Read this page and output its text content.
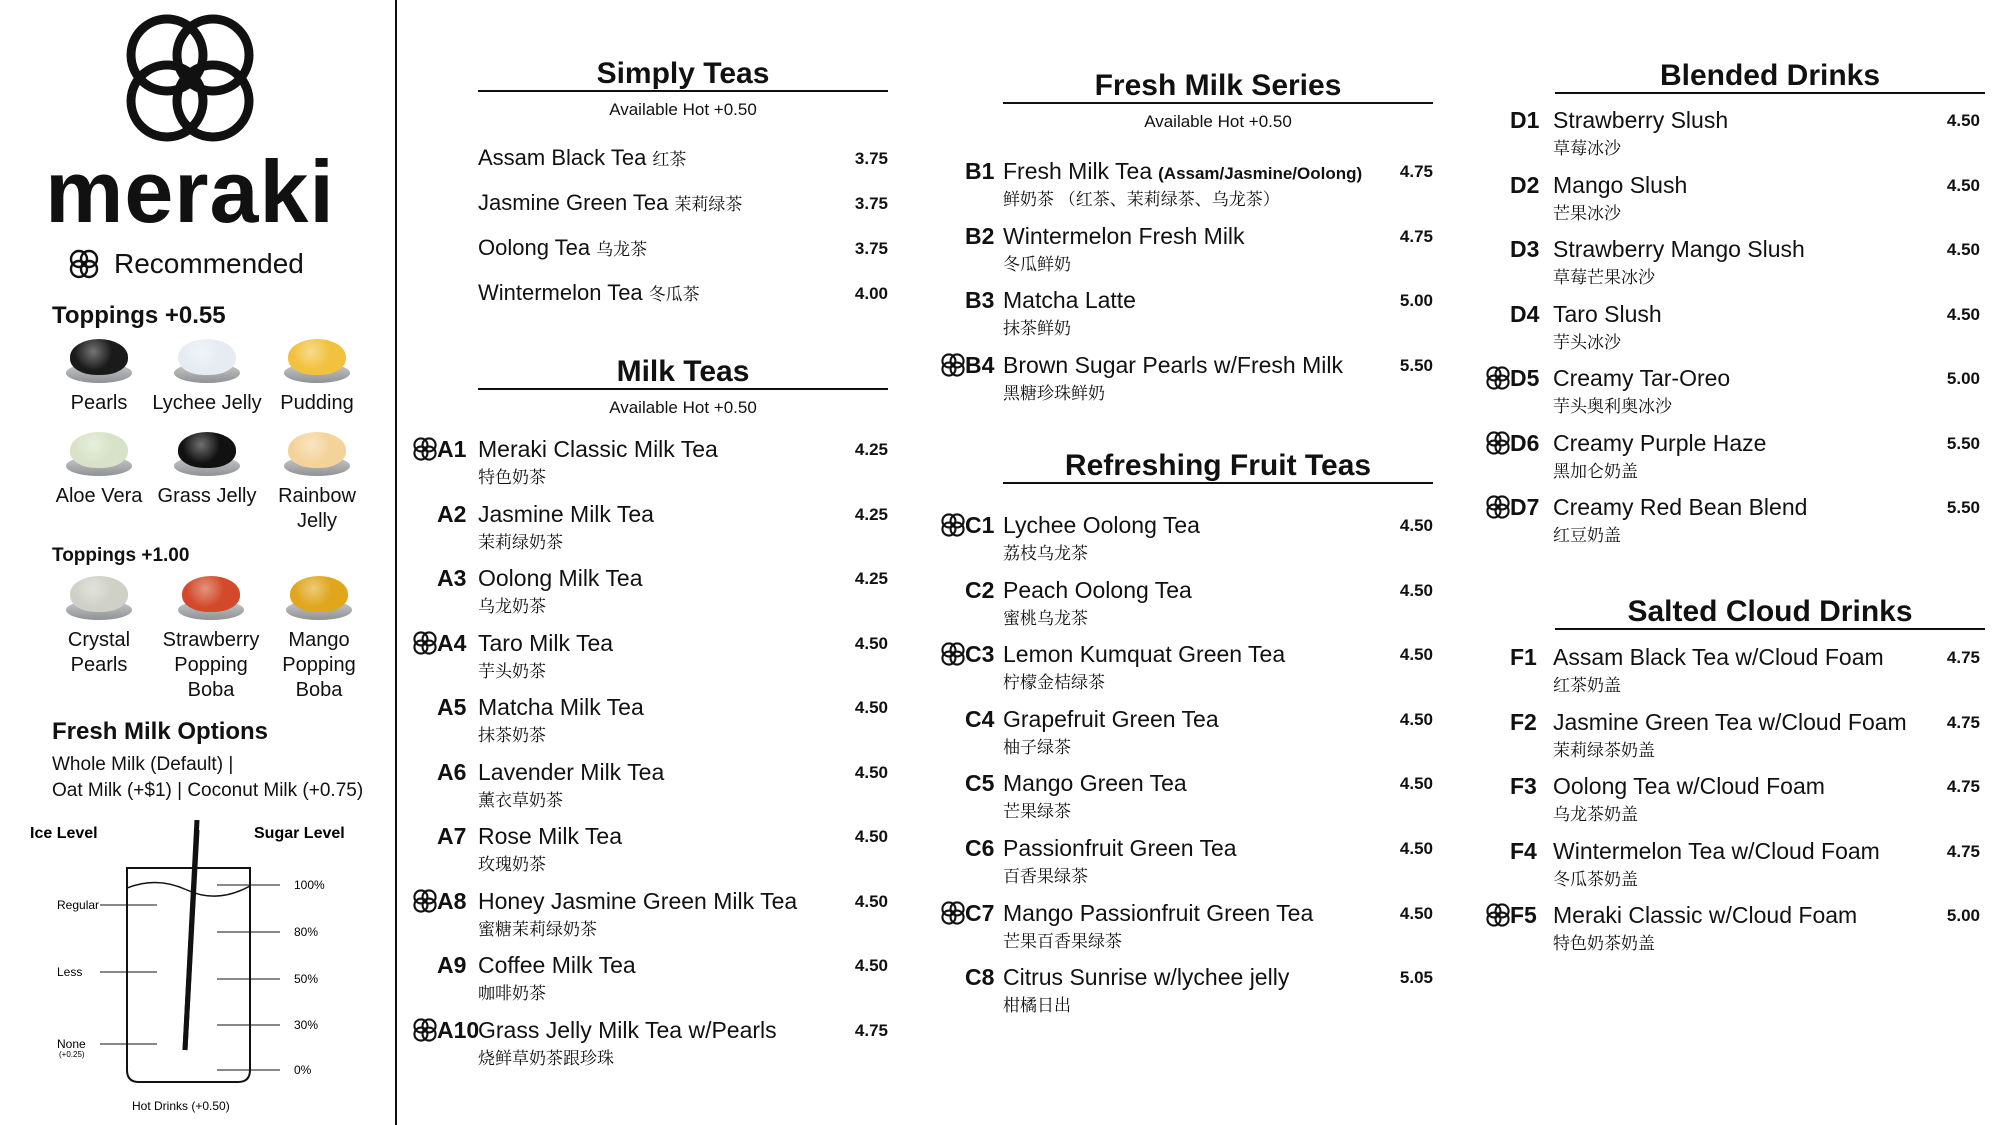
meraki
Recommended
Toppings +0.55
Pearls	Lychee Jelly Pudding
Aloe Vera Grass Jelly	Rainbow
Jelly
Toppings +1.00
Crystal
Pearls
Strawberry
Popping
Boba
Mango
Popping
Boba
Fresh Milk Options
Whole Milk (Default) |
Oat Milk (+$1) | Coconut Milk (+0.75)
Ice Level	Sugar Level
Regular
Less
None
(+0.25)
100%
80%
50%
30%
0%
Hot Drinks (+0.50)
Simply Teas
Available Hot +0.50
Assam Black Tea 红茶	3.75
Jasmine Green Tea 茉莉绿茶	3.75
Oolong Tea 乌龙茶	3.75
Wintermelon Tea 冬瓜茶	4.00
Milk Teas
Available Hot +0.50
A1 Meraki Classic Milk Tea
特色奶茶
4.25
A2 Jasmine Milk Tea
茉莉绿奶茶
4.25
A3 Oolong Milk Tea
乌龙奶茶
4.25
A4 Taro Milk Tea
芋头奶茶
4.50
A5 Matcha Milk Tea
抹茶奶茶
4.50
A6 Lavender Milk Tea
薰衣草奶茶
4.50
A7 Rose Milk Tea
玫瑰奶茶
4.50
A8 Honey Jasmine Green Milk Tea
蜜糖茉莉绿奶茶
4.50
A9 Coffee Milk Tea
咖啡奶茶
4.50
A10
Grass Jelly Milk Tea w/Pearls
烧鲜草奶茶跟珍珠
4.75
Fresh Milk Series
Available Hot +0.50
B1 Fresh Milk Tea (Assam/Jasmine/Oolong)
鲜奶茶 （红茶、茉莉绿茶、乌龙茶）
4.75
B2 Wintermelon Fresh Milk
冬瓜鲜奶
4.75
B3 Matcha Latte
抹茶鲜奶
5.00
B4 Brown Sugar Pearls w/Fresh Milk
黑糖珍珠鲜奶
5.50
Refreshing Fruit Teas
C1 Lychee Oolong Tea
荔枝乌龙茶
4.50
C2 Peach Oolong Tea
蜜桃乌龙茶
4.50
C3 Lemon Kumquat Green Tea
柠檬金桔绿茶
4.50
C4 Grapefruit Green Tea
柚子绿茶
4.50
C5 Mango Green Tea
芒果绿茶
4.50
C6 Passionfruit Green Tea
百香果绿茶
4.50
C7 Mango Passionfruit Green Tea
芒果百香果绿茶
4.50
C8 Citrus Sunrise w/lychee jelly
柑橘日出
5.05
Blended Drinks
D1 Strawberry Slush
草莓冰沙
4.50
D2 Mango Slush
芒果冰沙
4.50
D3 Strawberry Mango Slush
草莓芒果冰沙
4.50
D4 Taro Slush
芋头冰沙
4.50
D5 Creamy Tar-Oreo
芋头奥利奥冰沙
5.00
D6 Creamy Purple Haze
黑加仑奶盖
5.50
D7 Creamy Red Bean Blend
红豆奶盖
5.50
Salted Cloud Drinks
F1 Assam Black Tea w/Cloud Foam
红茶奶盖
4.75
F2 Jasmine Green Tea w/Cloud Foam
茉莉绿茶奶盖
4.75
F3 Oolong Tea w/Cloud Foam
乌龙茶奶盖
4.75
F4 Wintermelon Tea w/Cloud Foam
冬瓜茶奶盖
4.75
F5 Meraki Classic w/Cloud Foam
特色奶茶奶盖
5.00
